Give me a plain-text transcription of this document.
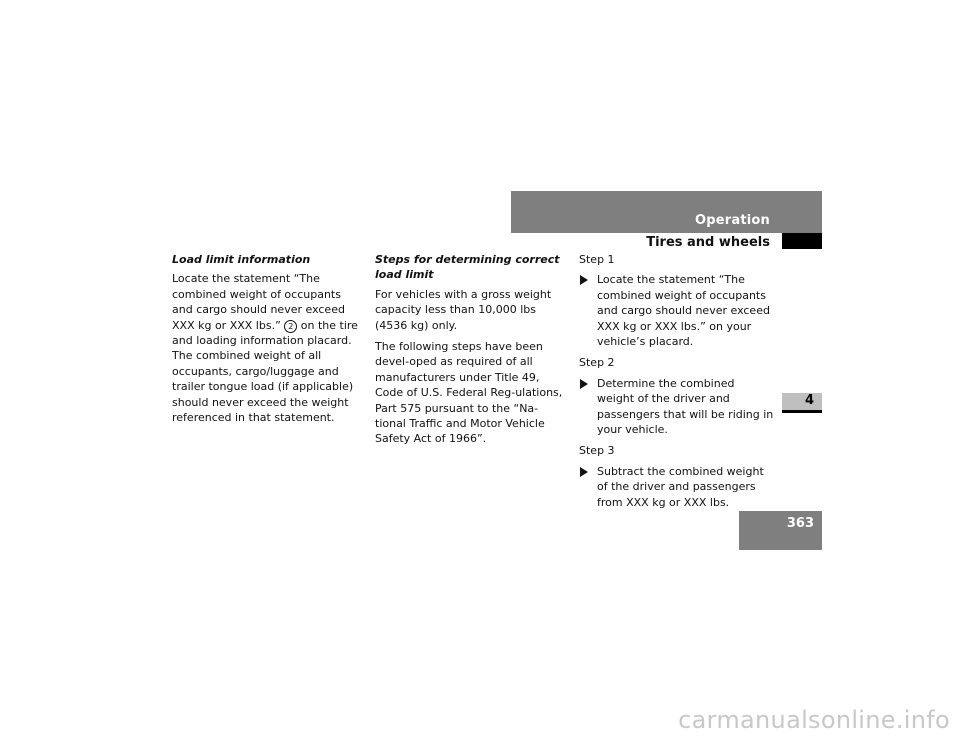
Operation
Tires and wheels
4
363

Load limit information

Locate the statement “The combined weight of occupants and cargo should never exceed XXX kg or XXX lbs.” 2 on the tire and loading information placard. The combined weight of all occupants, cargo/luggage and trailer tongue load (if applicable) should never exceed the weight referenced in that statement.

Steps for determining correct load limit

For vehicles with a gross weight capacity less than 10,000 lbs (4536 kg) only.

The following steps have been devel-oped as required of all manufacturers under Title 49, Code of U.S. Federal Reg-ulations, Part 575 pursuant to the “Na-tional Traffic and Motor Vehicle Safety Act of 1966”.

Step 1

Locate the statement “The combined weight of occupants and cargo should never exceed XXX kg or XXX lbs.” on your vehicle’s placard.

Step 2

Determine the combined weight of the driver and passengers that will be riding in your vehicle.

Step 3

Subtract the combined weight of the driver and passengers from XXX kg or XXX lbs.
carmanualsonline.info
